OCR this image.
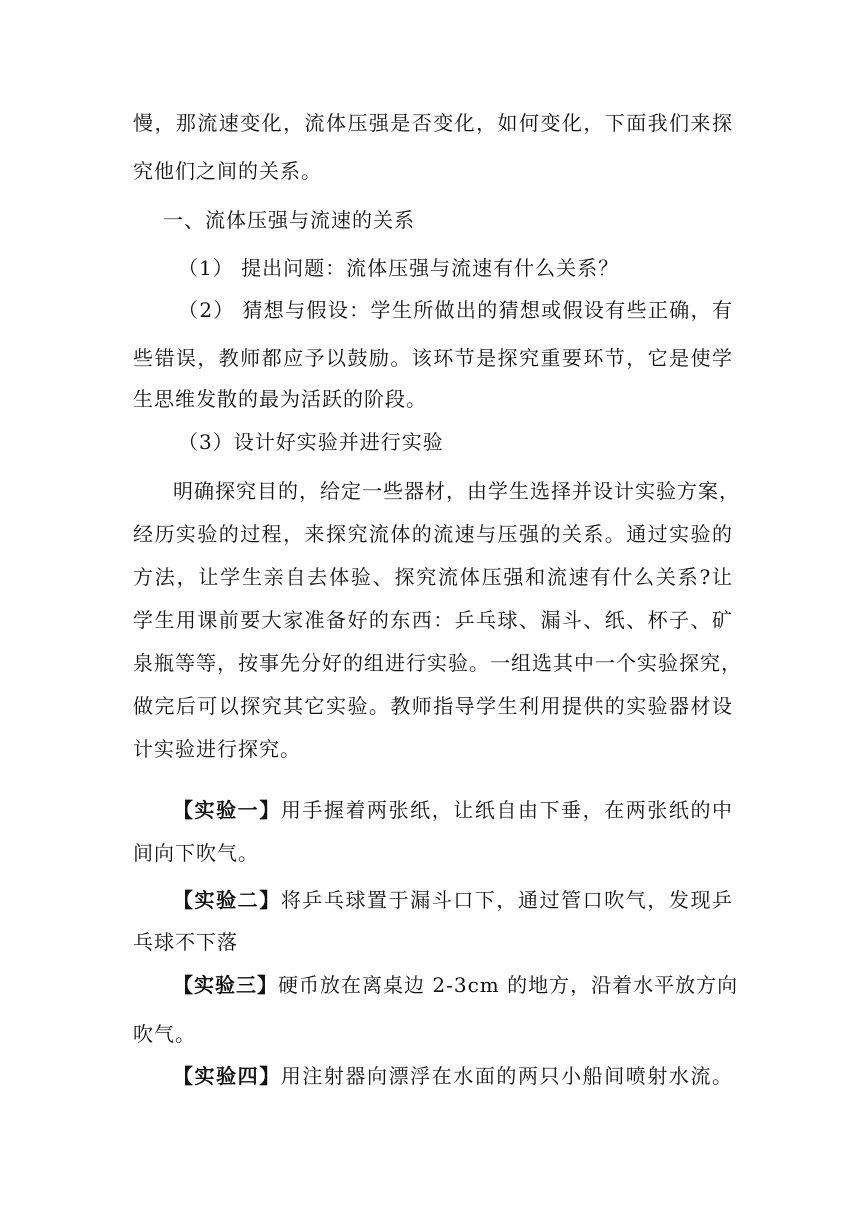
慢，那流速变化，流体压强是否变化，如何变化，下面我们来探
究他们之间的关系。
一、流体压强与流速的关系
（1） 提出问题：流体压强与流速有什么关系？
（2） 猜想与假设：学生所做出的猜想或假设有些正确，有
些错误，教师都应予以鼓励。该环节是探究重要环节，它是使学
生思维发散的最为活跃的阶段。
（3）设计好实验并进行实验
明确探究目的，给定一些器材，由学生选择并设计实验方案，
经历实验的过程，来探究流体的流速与压强的关系。通过实验的
方法，让学生亲自去体验、探究流体压强和流速有什么关系?让
学生用课前要大家准备好的东西：乒乓球、漏斗、纸、杯子、矿
泉瓶等等，按事先分好的组进行实验。一组选其中一个实验探究，
做完后可以探究其它实验。教师指导学生利用提供的实验器材设
计实验进行探究。
【实验一】用手握着两张纸，让纸自由下垂，在两张纸的中
间向下吹气。
【实验二】将乒乓球置于漏斗口下，通过管口吹气，发现乒
乓球不下落
【实验三】硬币放在离桌边 2-3cm 的地方，沿着水平放方向
吹气。
【实验四】用注射器向漂浮在水面的两只小船间喷射水流。
